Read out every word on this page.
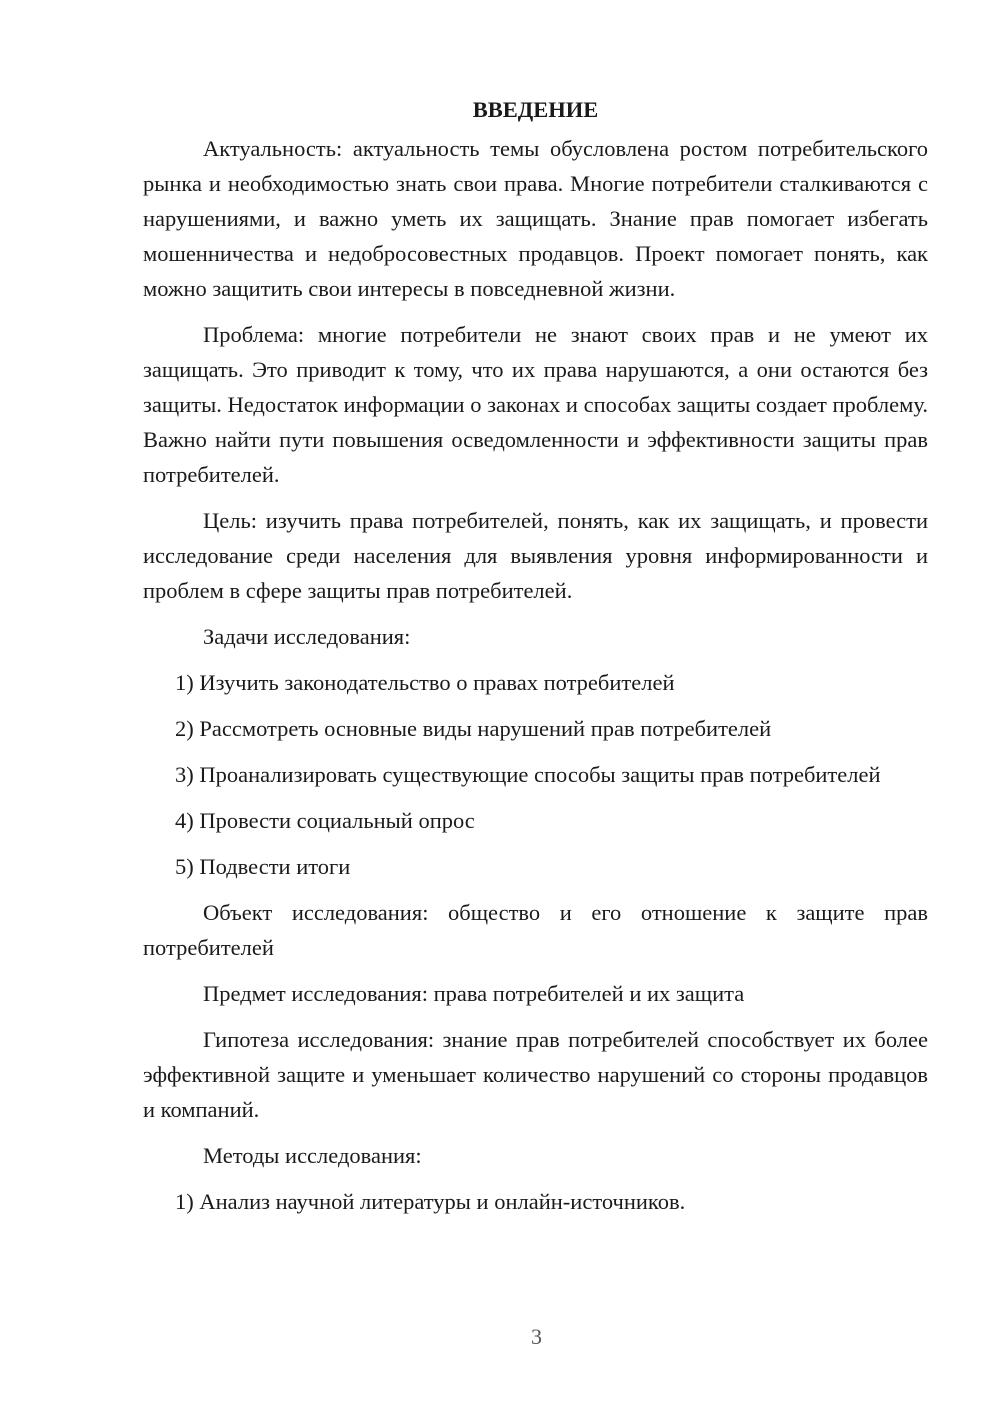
ВВЕДЕНИЕ

Актуальность: актуальность темы обусловлена ростом потребительского рынка и необходимостью знать свои права. Многие потребители сталкиваются с нарушениями, и важно уметь их защищать. Знание прав помогает избегать мошенничества и недобросовестных продавцов. Проект помогает понять, как можно защитить свои интересы в повседневной жизни.

Проблема: многие потребители не знают своих прав и не умеют их защищать. Это приводит к тому, что их права нарушаются, а они остаются без защиты. Недостаток информации о законах и способах защиты создает проблему. Важно найти пути повышения осведомленности и эффективности защиты прав потребителей.

Цель: изучить права потребителей, понять, как их защищать, и провести исследование среди населения для выявления уровня информированности и проблем в сфере защиты прав потребителей.

Задачи исследования:

1) Изучить законодательство о правах потребителей

2) Рассмотреть основные виды нарушений прав потребителей

3) Проанализировать существующие способы защиты прав потребителей

4) Провести социальный опрос

5) Подвести итоги

Объект исследования: общество и его отношение к защите прав потребителей

Предмет исследования: права потребителей и их защита

Гипотеза исследования: знание прав потребителей способствует их более эффективной защите и уменьшает количество нарушений со стороны продавцов и компаний.

Методы исследования:

1) Анализ научной литературы и онлайн-источников.

3
